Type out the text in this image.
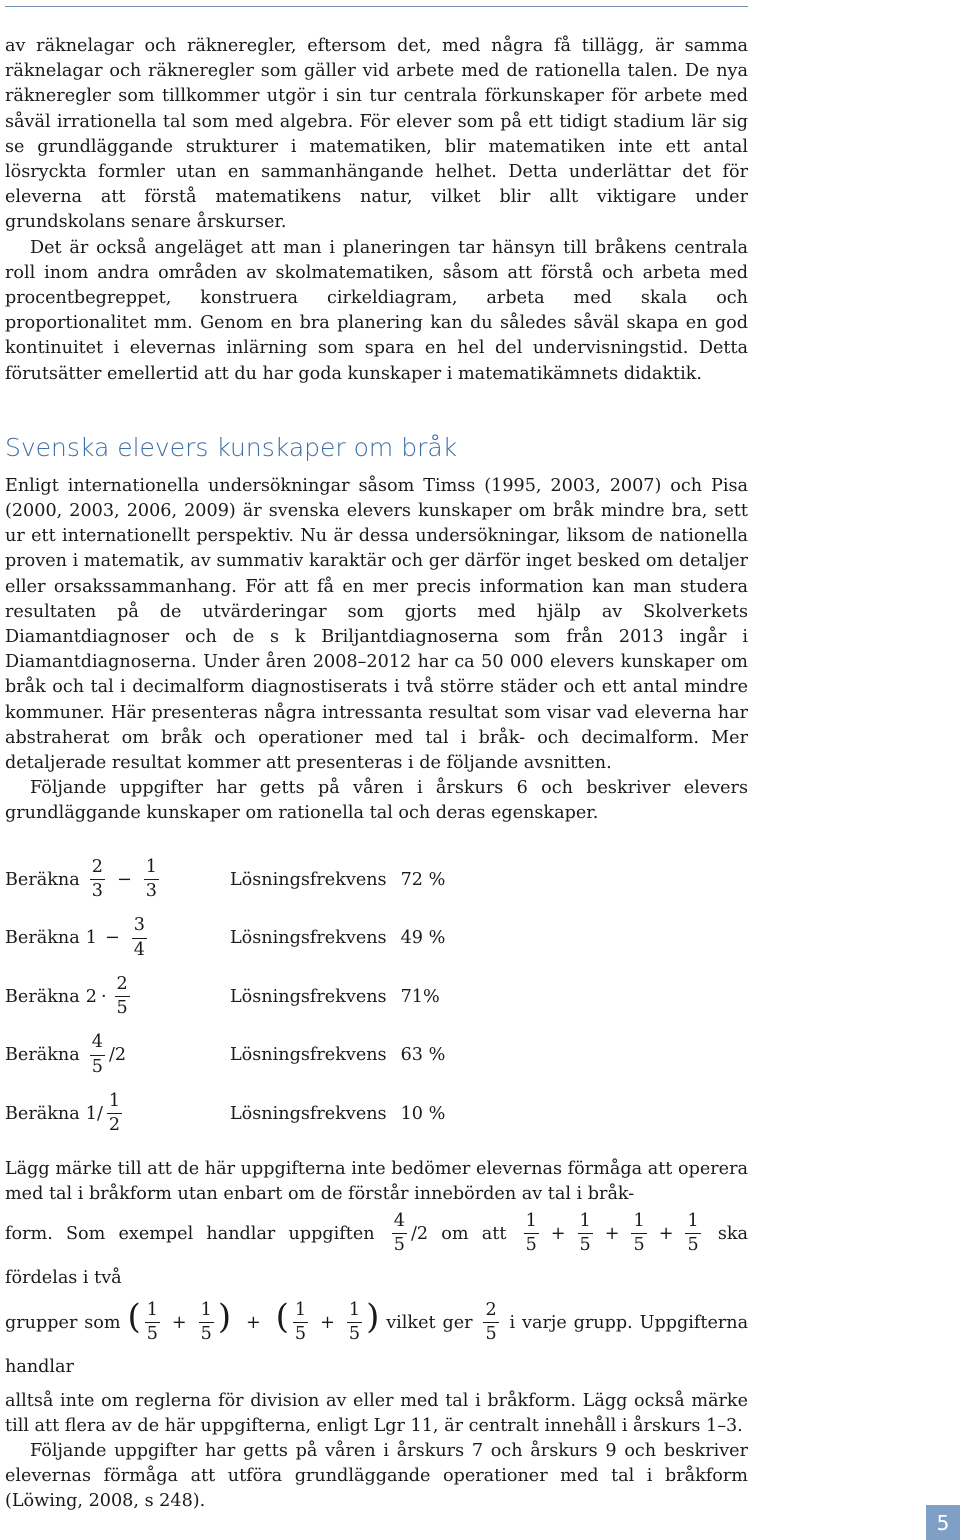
av räknelagar och räkneregler, eftersom det, med några få tillägg, är samma räknelagar och räkneregler som gäller vid arbete med de rationella talen. De nya räkneregler som tillkommer utgör i sin tur centrala förkunskaper för arbete med såväl irrationella tal som med algebra. För elever som på ett tidigt stadium lär sig se grundläggande strukturer i matematiken, blir matematiken inte ett antal lösryckta formler utan en sammanhängande helhet. Detta underlättar det för eleverna att förstå matematikens natur, vilket blir allt viktigare under grundskolans senare årskurser.

Det är också angeläget att man i planeringen tar hänsyn till bråkens centrala roll inom andra områden av skolmatematiken, såsom att förstå och arbeta med procentbegreppet, konstruera cirkeldiagram, arbeta med skala och proportionalitet mm. Genom en bra planering kan du således såväl skapa en god kontinuitet i elevernas inlärning som spara en hel del undervisningstid. Detta förutsätter emellertid att du har goda kunskaper i matematikämnets didaktik.

Svenska elevers kunskaper om bråk

Enligt internationella undersökningar såsom Timss (1995, 2003, 2007) och Pisa (2000, 2003, 2006, 2009) är svenska elevers kunskaper om bråk mindre bra, sett ur ett internationellt perspektiv. Nu är dessa undersökningar, liksom de nationella proven i matematik, av summativ karaktär och ger därför inget besked om detaljer eller orsakssammanhang. För att få en mer precis information kan man studera resultaten på de utvärderingar som gjorts med hjälp av Skolverkets Diamantdiagnoser och de s k Briljantdiagnoserna som från 2013 ingår i Diamantdiagnoserna. Under åren 2008–2012 har ca 50 000 elevers kunskaper om bråk och tal i decimalform diagnostiserats i två större städer och ett antal mindre kommuner. Här presenteras några intressanta resultat som visar vad eleverna har abstraherat om bråk och operationer med tal i bråk- och decimalform. Mer detaljerade resultat kommer att presenteras i de följande avsnitten.

Följande uppgifter har getts på våren i årskurs 6 och beskriver elevers grundläggande kunskaper om rationella tal och deras egenskaper.

Beräkna $\frac{2}{3} - \frac{1}{3}$	Lösningsfrekvens 72 %
Beräkna $1 - \frac{3}{4}$	Lösningsfrekvens 49 %
Beräkna $2 \cdot \frac{2}{5}$	Lösningsfrekvens 71%
Beräkna $\frac{4}{5} /2$	Lösningsfrekvens 63 %
Beräkna $1 / \frac{1}{2}$	Lösningsfrekvens 10 %

Lägg märke till att de här uppgifterna inte bedömer elevernas förmåga att operera med tal i bråkform utan enbart om de förstår innebörden av tal i bråk-

form. Som exempel handlar uppgiften $\frac{4}{5} /2$ om att $\frac{1}{5} + \frac{1}{5} + \frac{1}{5} + \frac{1}{5}$ ska fördelas i två

grupper som ( $\frac{1}{5} + \frac{1}{5}$ ) + ( $\frac{1}{5} + \frac{1}{5}$ ) vilket ger $\frac{2}{5}$ i varje grupp. Uppgifterna handlar

alltså inte om reglerna för division av eller med tal i bråkform. Lägg också märke till att flera av de här uppgifterna, enligt Lgr 11, är centralt innehåll i årskurs 1–3.

Följande uppgifter har getts på våren i årskurs 7 och årskurs 9 och beskriver elevernas förmåga att utföra grundläggande operationer med tal i bråkform (Löwing, 2008, s 248).

5
